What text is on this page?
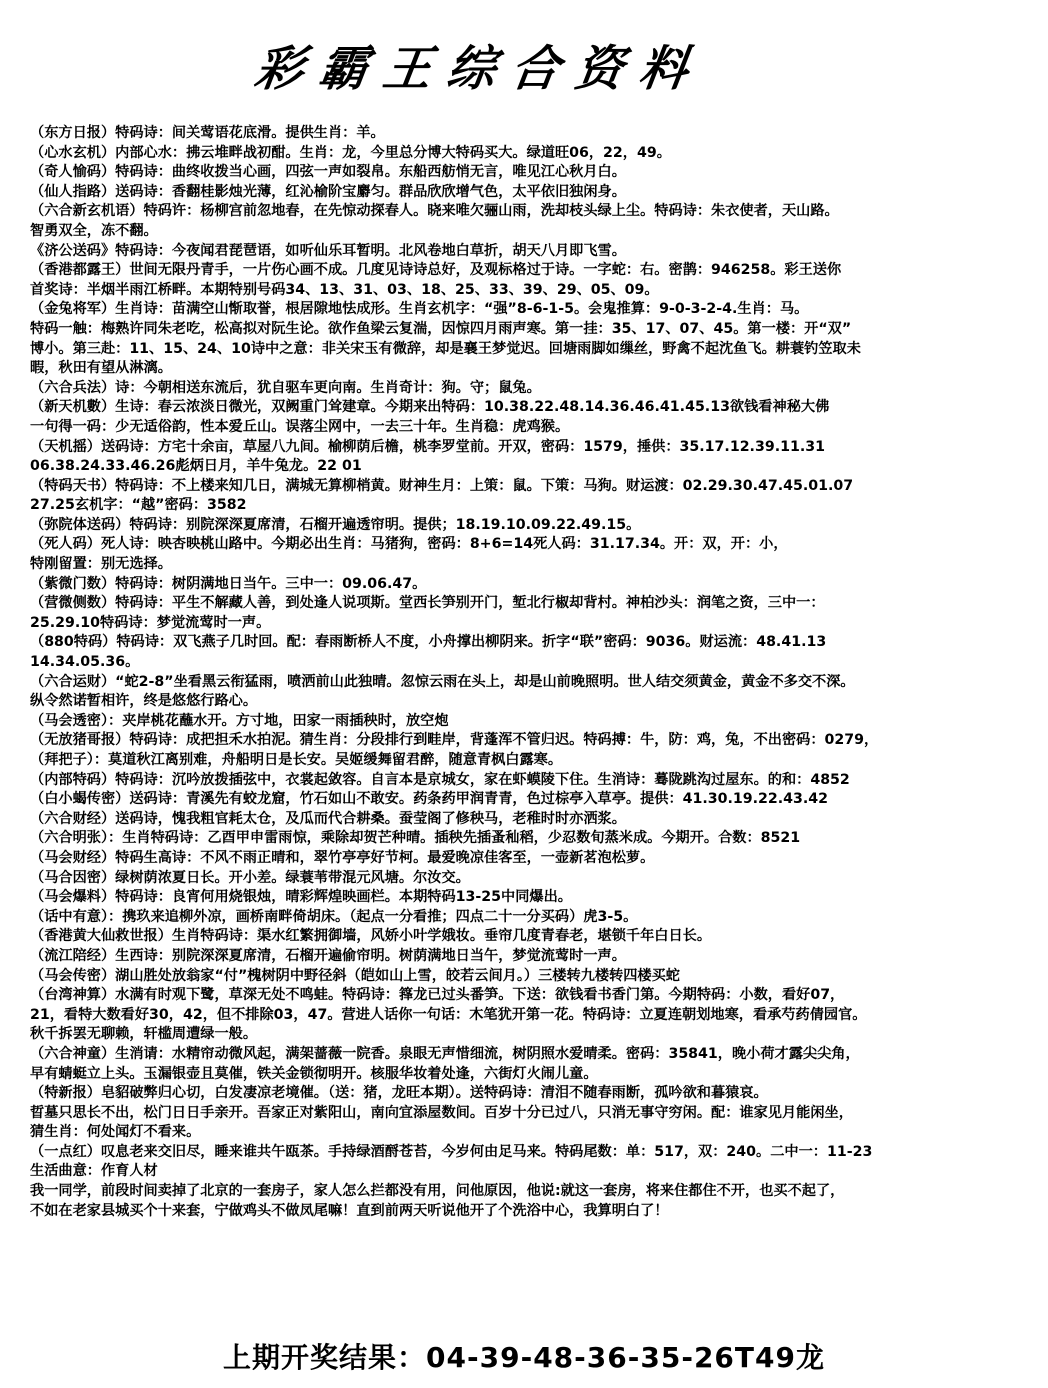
彩霸王综合资料
（东方日报）特码诗：间关莺语花底滑。提供生肖：羊。
（心水玄机）内部心水：拂云堆畔战初酣。生肖：龙，今里总分博大特码买大。绿道旺06，22，49。
（奇人愉码）特码诗：曲终收拨当心画，四弦一声如裂帛。东船西舫悄无言，唯见江心秋月白。
（仙人指路）送码诗：香翻桂影烛光薄，红沁榆阶宝麝匀。群品欣欣增气色，太平依旧独闲身。
（六合新玄机语）特码许：杨柳宫前忽地春，在先惊动探春人。晓来唯欠骊山雨，洗却枝头绿上尘。特码诗：朱衣使者，天山路。
智勇双全，冻不翻。
《济公送码》特码诗：今夜闻君琵琶语，如听仙乐耳暂明。北风卷地白草折，胡天八月即飞雪。
（香港都露王）世间无限丹青手，一片伤心画不成。几度见诗诗总好，及观标格过于诗。一字蛇：右。密鹊：946258。彩王送你
首奖诗：半烟半雨江桥畔。本期特别号码34、13、31、03、18、25、33、39、29、05、09。
（金兔将军）生肖诗：苗满空山惭取誉，根居隙地怯成形。生肖玄机字：“强”8-6-1-5。会鬼推算：9-0-3-2-4.生肖：马。
特码一触：梅熟许同朱老吃，松高拟对阮生论。欲作鱼梁云复湍，因惊四月雨声寒。第一挂：35、17、07、45。第一楼：开“双”
博小。第三赴：11、15、24、10诗中之意：非关宋玉有微辞，却是襄王梦觉迟。回塘雨脚如缫丝，野禽不起沈鱼飞。耕蓑钓笠取未
暇，秋田有望从淋漓。
（六合兵法）诗：今朝相送东流后，犹自驱车更向南。生肖奇计：狗。守；鼠兔。
（新天机數）生诗：春云浓淡日微光，双阙重门耸建章。今期来出特码：10.38.22.48.14.36.46.41.45.13欲钱看神秘大佛
一句得一码：少无适俗韵，性本爱丘山。误落尘网中，一去三十年。生肖稳：虎鸡猴。
（天机摇）送码诗：方宅十余亩，草屋八九间。榆柳荫后檐，桃李罗堂前。开双，密码：1579，捶供：35.17.12.39.11.31
06.38.24.33.46.26彪炳日月，羊牛兔龙。22 01
（特码天书）特码诗：不上楼来知几日，满城无算柳梢黄。财神生月：上策：鼠。下策：马狗。财运渡：02.29.30.47.45.01.07
27.25玄机字：“越”密码：3582
（弥院体送码）特码诗：别院深深夏席清，石榴开遍透帘明。提供；18.19.10.09.22.49.15。
（死人码）死人诗：映杏映桃山路中。今期必出生肖：马猪狗，密码：8+6=14死人码：31.17.34。开：双，开：小，
特刚留置：别无选择。
（紫微门数）特码诗：树阴满地日当午。三中一：09.06.47。
（营微侧数）特码诗：平生不解藏人善，到处逢人说项斯。堂西长笋别开门，堑北行椒却背村。神柏沙头：润笔之资，三中一：
25.29.10特码诗：梦觉流莺时一声。
（880特码）特码诗：双飞燕子几时回。配：春雨断桥人不度，小舟撑出柳阴来。折字“联”密码：9036。财运流：48.41.13
14.34.05.36。
（六合运财）“蛇2-8”坐看黑云衔猛雨，喷洒前山此独晴。忽惊云雨在头上，却是山前晚照明。世人结交须黄金，黄金不多交不深。
纵令然诺暂相许，终是悠悠行路心。
（马会透密）：夹岸桃花蘸水开。方寸地，田家一雨插秧时，放空炮
（无放猪哥报）特码诗：成把担禾水拍泥。猜生肖：分段排行到畦岸，背蓬浑不管归迟。特码搏：牛，防：鸡，兔，不出密码：0279，
（拜把子）：莫道秋江离别难，舟船明日是长安。吴姬缓舞留君醉，随意青枫白露寒。
（内部特码）特码诗：沉吟放拨插弦中，衣裳起敛容。自言本是京城女，家在虾蟆陵下住。生消诗：蓦陇跳沟过屋东。的和：4852
（白小蝎传密）送码诗：青溪先有蛟龙窟，竹石如山不敢安。药条药甲润青青，色过棕亭入草亭。提供：41.30.19.22.43.42
（六合财经）送码诗，愧我粗官耗太仓，及瓜而代合耕桑。蚕莹阁了修秧马，老稚时时亦洒浆。
（六合明张）：生肖特码诗：乙酉甲申雷雨惊，乘除却贺芒种晴。插秧先插蚤秈稻，少忍数旬蒸米成。今期开。合数：8521
（马会财经）特码生高诗：不风不雨正晴和，翠竹亭亭好节柯。最爱晚凉佳客至，一壶新茗泡松萝。
（马合因密）绿树荫浓夏日长。开小差。绿蓑苇带混元风塘。尔汝交。
（马会爆料）特码诗：良宵何用烧银烛，晴彩辉煌映画栏。本期特码13-25中同爆出。
（话中有意）：携玖来追柳外凉，画桥南畔倚胡床。（起点一分看推；四点二十一分买码）虎3-5。
（香港黄大仙救世报）生肖特码诗：渠水红繁拥御墙，风娇小叶学娥妆。垂帘几度青春老，堪锁千年白日长。
（流江陪经）生西诗：别院深深夏席清，石榴开遍偷帘明。树荫满地日当午，梦觉流莺时一声。
（马会传密）湖山胜处放翁家“付”槐树阴中野径斜（皑如山上雪，皎若云间月。）三楼转九楼转四楼买蛇
（台湾神算）水满有时观下鹭，草深无处不鸣蛙。特码诗：箨龙已过头番笋。下送：欲钱看书香门第。今期特码：小数，看好07，
21，看特大数看好30，42，但不排除03，47。营进人话你一句话：木笔犹开第一花。特码诗：立夏连朝划地寒，看承芍药倩园官。
秋千拆罢无聊赖，轩槛周遭绿一般。
（六合神童）生消请：水精帘动微风起，满架蔷薇一院香。泉眼无声惜细流，树阴照水爱晴柔。密码：35841，晚小荷才露尖尖角，
早有蜻蜓立上头。玉漏银壶且莫催，铁关金锁彻明开。核服华妆着处逢，六街灯火闹儿童。
（特新报）皂貂破弊归心切，白发凄凉老境催。（送：猪，龙旺本期）。送特码诗：清泪不随春雨断，孤吟欲和暮猿哀。
晢墓只思长不出，松门日日手亲开。吾家正对紫阳山，南向宜添屋数间。百岁十分已过八，只消无事守穷闲。配：谁家见月能闲坐，
猜生肖：何处闻灯不看来。
（一点红）叹息老来交旧尽，睡来谁共午瓯茶。手持绿酒酹苍苔，今岁何由足马来。特码尾数：单：517，双：240。二中一：11-23
生活曲意：作育人材
我一同学，前段时间卖掉了北京的一套房子，家人怎么拦都没有用，问他原因，他说:就这一套房，将来住都住不开，也买不起了，
不如在老家县城买个十来套，宁做鸡头不做凤尾嘛！直到前两天听说他开了个洗浴中心，我算明白了！
上期开奖结果：04-39-48-36-35-26T49龙
